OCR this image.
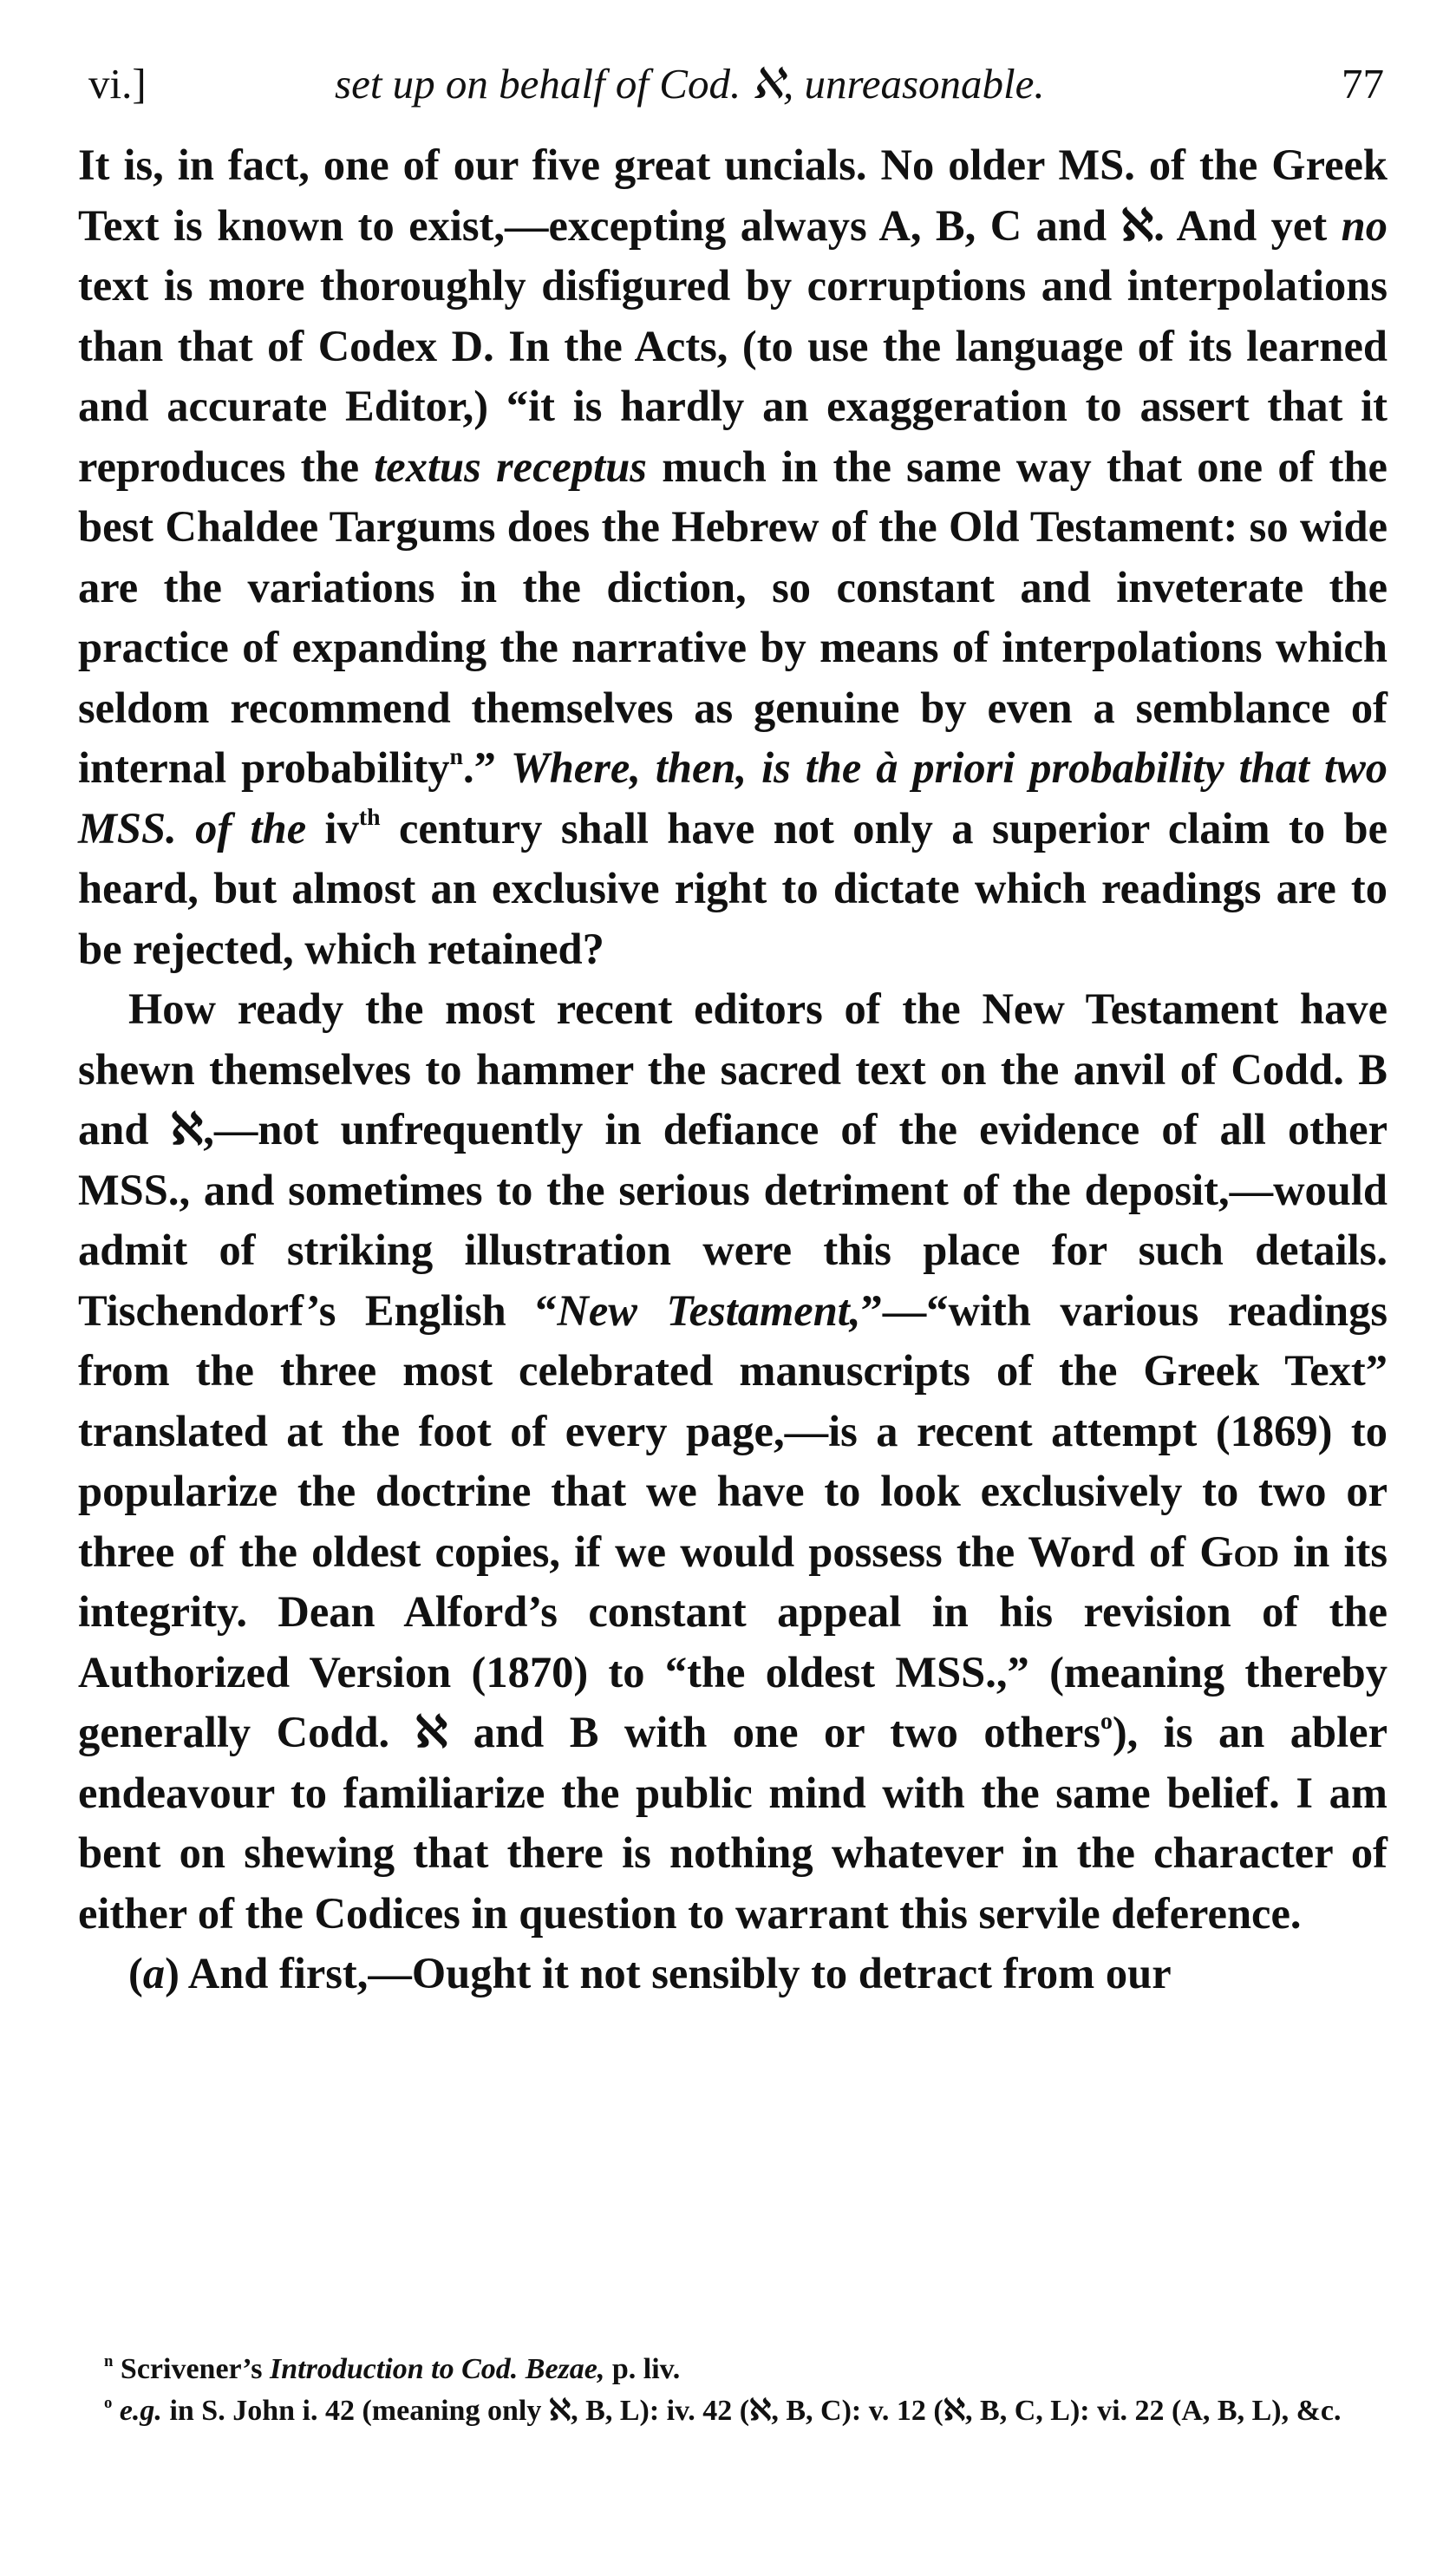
vi.]	set up on behalf of Cod. ℵ, unreasonable.	77

It is, in fact, one of our five great uncials. No older MS. of the Greek Text is known to exist,—excepting always A, B, C and ℵ. And yet no text is more thoroughly disfigured by corruptions and interpolations than that of Codex D. In the Acts, (to use the language of its learned and accurate Editor,) “it is hardly an exaggeration to assert that it reproduces the textus receptus much in the same way that one of the best Chaldee Targums does the Hebrew of the Old Testament: so wide are the variations in the diction, so constant and inveterate the practice of expanding the narrative by means of interpolations which seldom recommend themselves as genuine by even a semblance of internal probability$^n$.” Where, then, is the à priori probability that two MSS. of the $iv^{th}$ century shall have not only a superior claim to be heard, but almost an exclusive right to dictate which readings are to be rejected, which retained?

How ready the most recent editors of the New Testament have shewn themselves to hammer the sacred text on the anvil of Codd. B and ℵ,—not unfrequently in defiance of the evidence of all other MSS., and sometimes to the serious detriment of the deposit,—would admit of striking illustration were this place for such details. Tischendorf’s English “New Testament,”—“with various readings from the three most celebrated manuscripts of the Greek Text” translated at the foot of every page,—is a recent attempt (1869) to popularize the doctrine that we have to look exclusively to two or three of the oldest copies, if we would possess the Word of God in its integrity. Dean Alford’s constant appeal in his revision of the Authorized Version (1870) to “the oldest MSS.,” (meaning thereby generally Codd. ℵ and B with one or two others$^o$), is an abler endeavour to familiarize the public mind with the same belief. I am bent on shewing that there is nothing whatever in the character of either of the Codices in question to warrant this servile deference.

(a) And first,—Ought it not sensibly to detract from our

$^n$ Scrivener’s Introduction to Cod. Bezae, p. liv.

$^o$ e.g. in S. John i. 42 (meaning only ℵ, B, L): iv. 42 (ℵ, B, C): v. 12 (ℵ, B, C, L): vi. 22 (A, B, L), &c.
